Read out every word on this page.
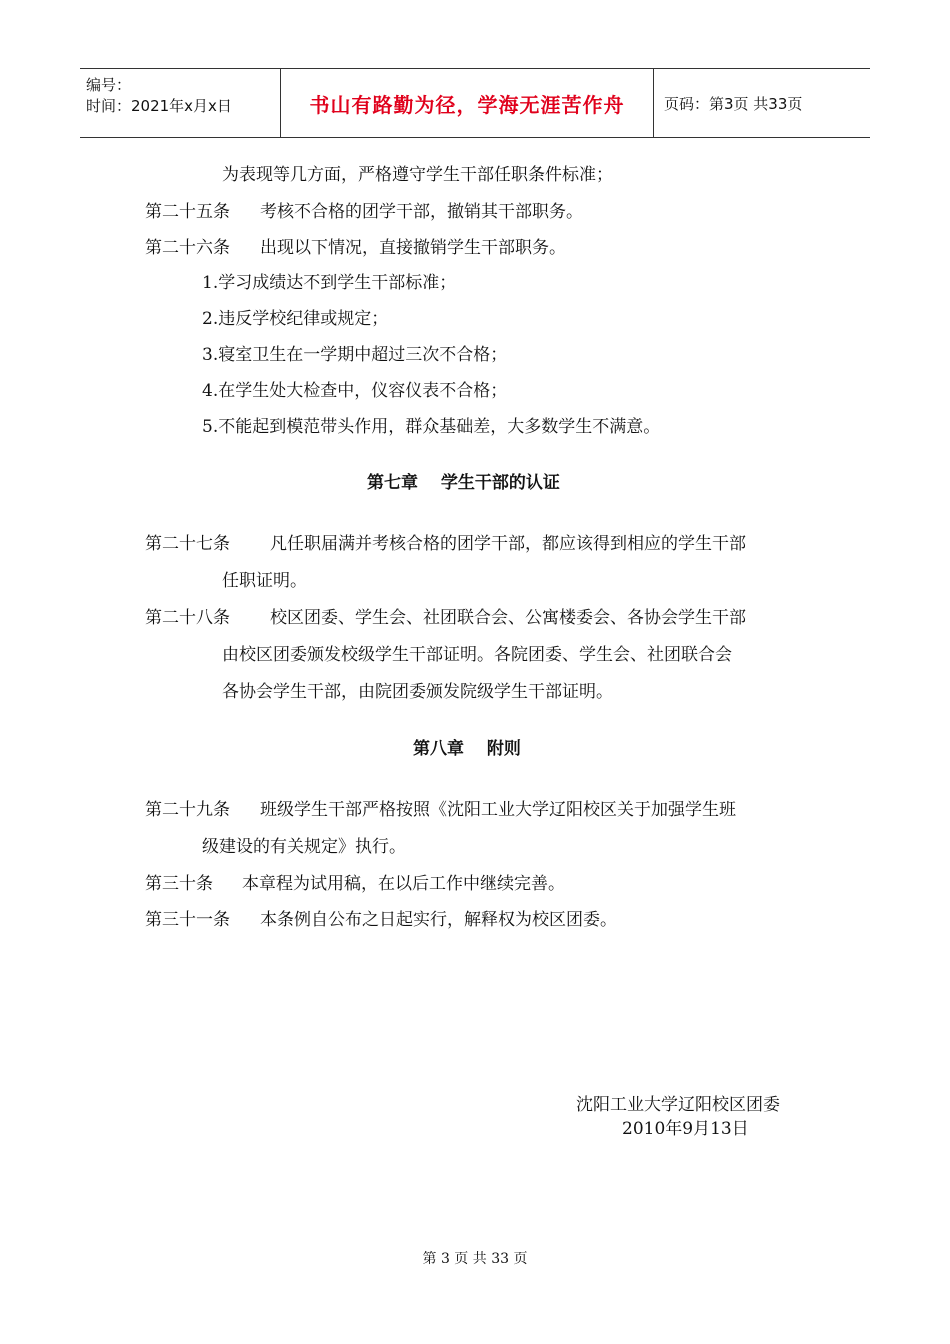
编号：
时间：2021年x月x日	书山有路勤为径，学海无涯苦作舟	页码：第3页 共33页
为表现等几方面，严格遵守学生干部任职条件标准；
第二十五条 考核不合格的团学干部，撤销其干部职务。
第二十六条 出现以下情况，直接撤销学生干部职务。
1.学习成绩达不到学生干部标准；
2.违反学校纪律或规定；
3.寝室卫生在一学期中超过三次不合格；
4.在学生处大检查中，仪容仪表不合格；
5.不能起到模范带头作用，群众基础差，大多数学生不满意。
第七章　 学生干部的认证
第二十七条 凡任职届满并考核合格的团学干部，都应该得到相应的学生干部
任职证明。
第二十八条 校区团委、学生会、社团联合会、公寓楼委会、各协会学生干部
由校区团委颁发校级学生干部证明。各院团委、学生会、社团联合会
各协会学生干部，由院团委颁发院级学生干部证明。
第八章　 附则
第二十九条 班级学生干部严格按照《沈阳工业大学辽阳校区关于加强学生班
级建设的有关规定》执行。
第三十条 本章程为试用稿，在以后工作中继续完善。
第三十一条 本条例自公布之日起实行，解释权为校区团委。
沈阳工业大学辽阳校区团委
2010年9月13日
第 3 页 共 33 页
